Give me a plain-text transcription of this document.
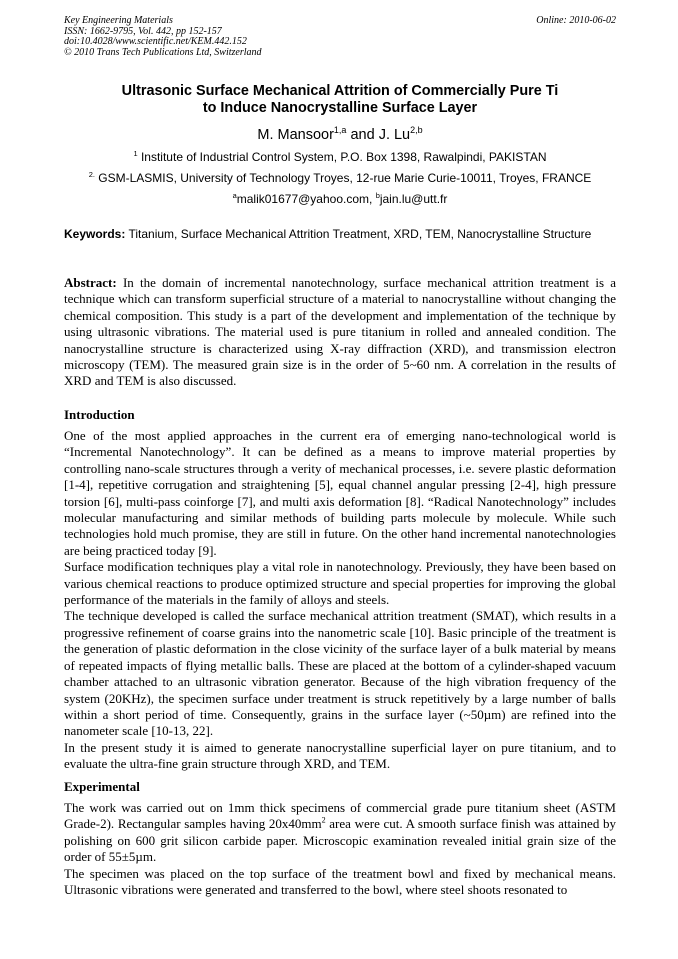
Key Engineering Materials
ISSN: 1662-9795, Vol. 442, pp 152-157
doi:10.4028/www.scientific.net/KEM.442.152
© 2010 Trans Tech Publications Ltd, Switzerland
Online: 2010-06-02
Ultrasonic Surface Mechanical Attrition of Commercially Pure Ti
to Induce Nanocrystalline Surface Layer
M. Mansoor$^{1,a}$ and J. Lu$^{2,b}$
$^1$ Institute of Industrial Control System, P.O. Box 1398, Rawalpindi, PAKISTAN
$^{2.}$ GSM-LASMIS, University of Technology Troyes, 12-rue Marie Curie-10011, Troyes, FRANCE
$^a$malik01677@yahoo.com, $^b$jain.lu@utt.fr
Keywords: Titanium, Surface Mechanical Attrition Treatment, XRD, TEM, Nanocrystalline Structure

Abstract: In the domain of incremental nanotechnology, surface mechanical attrition treatment is a technique which can transform superficial structure of a material to nanocrystalline without changing the chemical composition. This study is a part of the development and implementation of the technique by using ultrasonic vibrations. The material used is pure titanium in rolled and annealed condition. The nanocrystalline structure is characterized using X-ray diffraction (XRD), and transmission electron microscopy (TEM). The measured grain size is in the order of 5~60 nm. A correlation in the results of XRD and TEM is also discussed.

Introduction

One of the most applied approaches in the current era of emerging nano-technological world is “Incremental Nanotechnology”. It can be defined as a means to improve material properties by controlling nano-scale structures through a verity of mechanical processes, i.e. severe plastic deformation [1-4], repetitive corrugation and straightening [5], equal channel angular pressing [2-4], high pressure torsion [6], multi-pass coinforge [7], and multi axis deformation [8]. “Radical Nanotechnology” includes molecular manufacturing and similar methods of building parts molecule by molecule. While such technologies hold much promise, they are still in future. On the other hand incremental nanotechnologies are being practiced today [9].

Surface modification techniques play a vital role in nanotechnology. Previously, they have been based on various chemical reactions to produce optimized structure and special properties for improving the global performance of the materials in the family of alloys and steels.

The technique developed is called the surface mechanical attrition treatment (SMAT), which results in a progressive refinement of coarse grains into the nanometric scale [10]. Basic principle of the treatment is the generation of plastic deformation in the close vicinity of the surface layer of a bulk material by means of repeated impacts of flying metallic balls. These are placed at the bottom of a cylinder-shaped vacuum chamber attached to an ultrasonic vibration generator. Because of the high vibration frequency of the system (20KHz), the specimen surface under treatment is struck repetitively by a large number of balls within a short period of time. Consequently, grains in the surface layer (~50µm) are refined into the nanometer scale [10-13, 22].

In the present study it is aimed to generate nanocrystalline superficial layer on pure titanium, and to evaluate the ultra-fine grain structure through XRD, and TEM.

Experimental

The work was carried out on 1mm thick specimens of commercial grade pure titanium sheet (ASTM Grade-2). Rectangular samples having $20x40mm^2$ area were cut. A smooth surface finish was attained by polishing on 600 grit silicon carbide paper. Microscopic examination revealed initial grain size of the order of 55±5µm.

The specimen was placed on the top surface of the treatment bowl and fixed by mechanical means. Ultrasonic vibrations were generated and transferred to the bowl, where steel shoots resonated to
